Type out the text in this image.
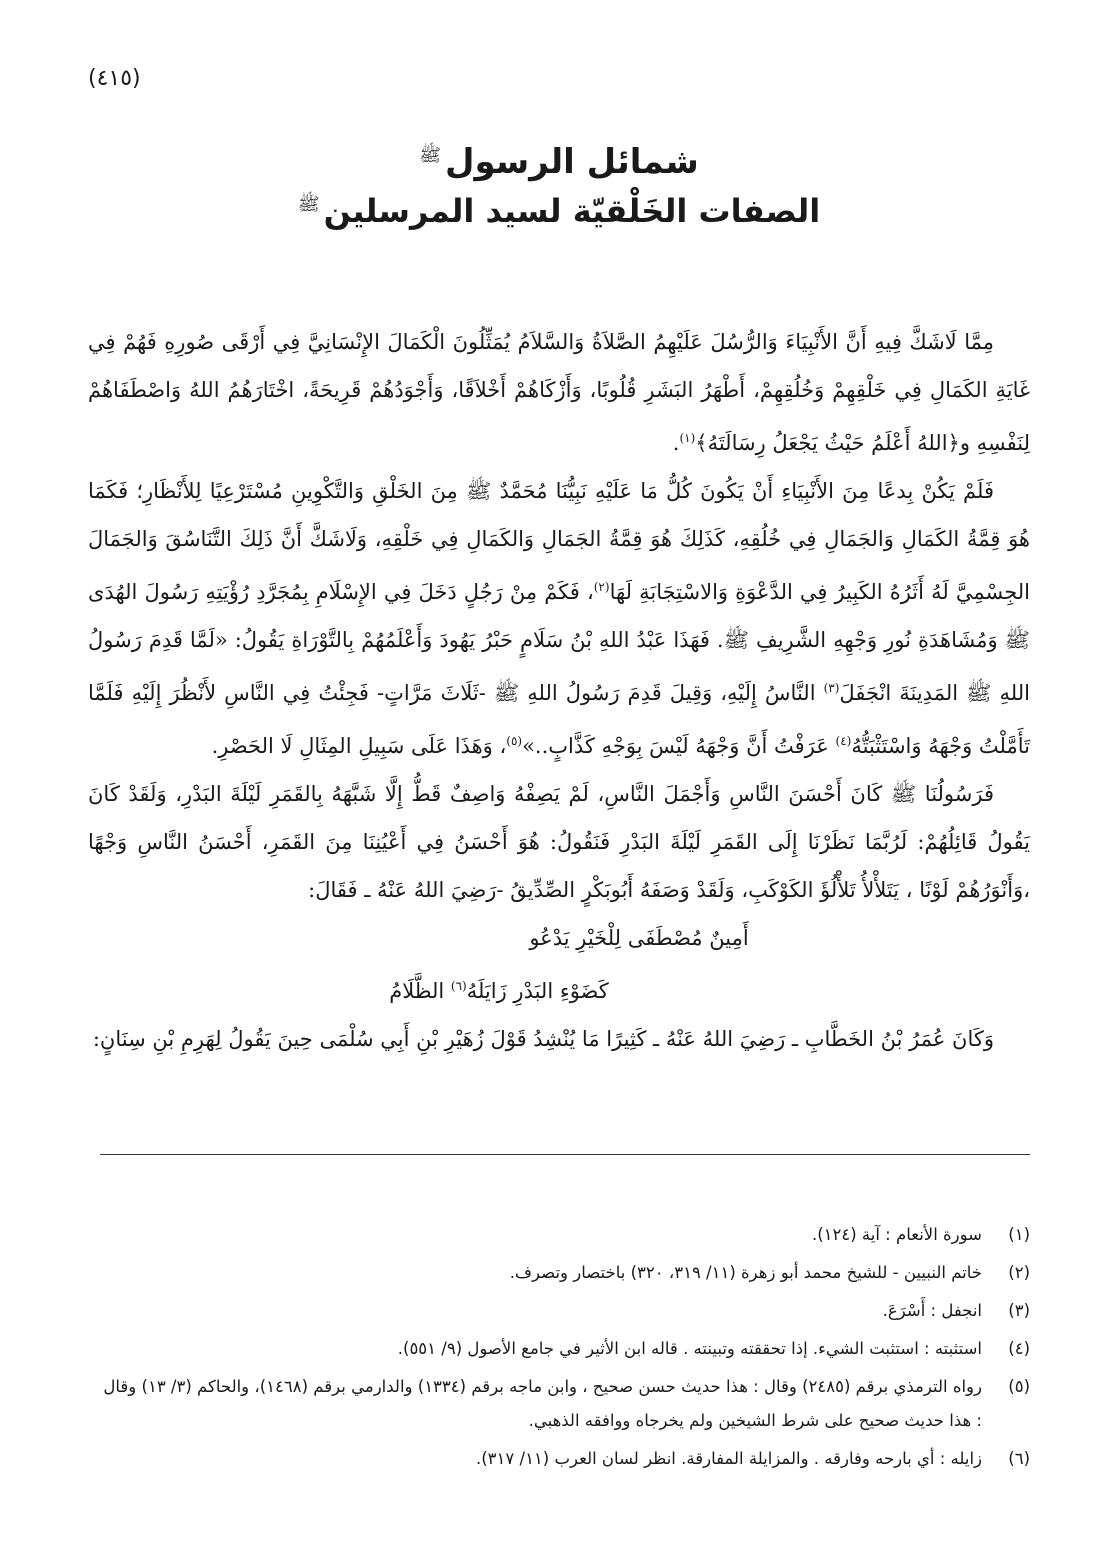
(٤١٥)
شمائل الرسول$^ﷺ$
الصفات الخَلْقيّة لسيد المرسلين$^ﷺ$

مِمَّا لَاشَكَّ فِيهِ أَنَّ الأَنْبِيَاءَ وَالرُّسُلَ عَلَيْهِمُ الصَّلاَةُ وَالسَّلاَمُ يُمَثِّلُونَ الْكَمَالَ الإِنْسَانِيَّ فِي أَرْقَى صُورِهِ فَهُمْ فِي غَايَةِ الكَمَالِ فِي خَلْقِهِمْ وَخُلُقِهِمْ، أَطْهَرُ البَشَرِ قُلُوبًا، وَأَزْكَاهُمْ أَخْلاَقًا، وَأَجْوَدُهُمْ قَرِيحَةً، اخْتَارَهُمُ اللهُ وَاصْطَفَاهُمْ لِنَفْسِهِ و﴿اللهُ أَعْلَمُ حَيْثُ يَجْعَلُ رِسَالَتَهُ﴾$^{(١)}$.

فَلَمْ يَكُنْ بِدعًا مِنَ الأَنْبِيَاءِ أَنْ يَكُونَ كُلُّ مَا عَلَيْهِ نَبِيُّنَا مُحَمَّدٌ ﷺ مِنَ الخَلْقِ وَالتَّكْوِينِ مُسْتَرْعِيًا لِلأَنْظَارِ؛ فَكَمَا هُوَ قِمَّةُ الكَمَالِ وَالجَمَالِ فِي خُلُقِهِ، كَذَلِكَ هُوَ قِمَّةُ الجَمَالِ وَالكَمَالِ فِي خَلْقِهِ، وَلَاشَكَّ أَنَّ ذَلِكَ التَّنَاسُقَ وَالجَمَالَ الجِسْمِيَّ لَهُ أَثَرُهُ الكَبِيرُ فِي الدَّعْوَةِ وَالاسْتِجَابَةِ لَهَا$^{(٢)}$، فَكَمْ مِنْ رَجُلٍ دَخَلَ فِي الإِسْلَامِ بِمُجَرَّدِ رُؤْيَتِهِ رَسُولَ الهُدَى ﷺ وَمُشَاهَدَةِ نُورِ وَجْهِهِ الشَّرِيفِ ﷺ. فَهَذَا عَبْدُ اللهِ بْنُ سَلَامٍ حَبْرُ يَهُودَ وَأَعْلَمُهُمْ بِالتَّوْرَاةِ يَقُولُ: «لَمَّا قَدِمَ رَسُولُ اللهِ ﷺ المَدِينَةَ انْجَفَلَ$^{(٣)}$ النَّاسُ إِلَيْهِ، وَقِيلَ قَدِمَ رَسُولُ اللهِ ﷺ -ثَلَاثَ مَرَّاتٍ- فَجِئْتُ فِي النَّاسِ لأَنْظُرَ إِلَيْهِ فَلَمَّا تَأَمَّلْتُ وَجْهَهُ وَاسْتَثْبَتُّهُ$^{(٤)}$ عَرَفْتُ أَنَّ وَجْهَهُ لَيْسَ بِوَجْهِ كَذَّابٍ..»$^{(٥)}$، وَهَذَا عَلَى سَبِيلِ المِثَالِ لَا الحَصْرِ.

فَرَسُولُنَا ﷺ كَانَ أَحْسَنَ النَّاسِ وَأَجْمَلَ النَّاسِ، لَمْ يَصِفْهُ وَاصِفٌ قَطُّ إِلَّا شَبَّهَهُ بِالقَمَرِ لَيْلَةَ البَدْرِ، وَلَقَدْ كَانَ يَقُولُ قَائِلُهُمْ: لَرُبَّمَا نَظَرْنَا إِلَى القَمَرِ لَيْلَةَ البَدْرِ فَنَقُولُ: هُوَ أَحْسَنُ فِي أَعْيُنِنَا مِنَ القَمَرِ، أَحْسَنُ النَّاسِ وَجْهًا ،وَأَنْوَرُهُمْ لَوْنًا ، يَتَلأْلأُ تَلأْلُؤَ الكَوْكَبِ، وَلَقَدْ وَصَفَهُ أَبُوبَكْرٍ الصِّدِّيقُ -رَضِيَ اللهُ عَنْهُ ـ فَقَالَ:

أَمِينٌ مُصْطَفَى لِلْخَيْرِ يَدْعُو

كَضَوْءِ البَدْرِ زَايَلَهُ$^{(٦)}$ الظَّلَامُ

وَكَانَ عُمَرُ بْنُ الخَطَّابِ ـ رَضِيَ اللهُ عَنْهُ ـ كَثِيرًا مَا يُنْشِدُ قَوْلَ زُهَيْرِ بْنِ أَبِي سُلْمَى حِينَ يَقُولُ لِهَرِمِ بْنِ سِنَانٍ:

(١)
سورة الأنعام : آية (١٢٤).
(٢)
خاتم النبيين - للشيخ محمد أبو زهرة (١١/ ٣١٩، ٣٢٠) باختصار وتصرف.
(٣)
انجفل : أَسْرَعَ.
(٤)
استثبته : استثبت الشيء. إذا تحققته وتبينته . قاله ابن الأثير في جامع الأصول (٩/ ٥٥١).
(٥)
رواه الترمذي برقم (٢٤٨٥) وقال : هذا حديث حسن صحيح ، وابن ماجه برقم (١٣٣٤) والدارمي برقم (١٤٦٨)، والحاكم (٣/ ١٣) وقال : هذا حديث صحيح على شرط الشيخين ولم يخرجاه ووافقه الذهبي.
(٦)
زايله : أي بارحه وفارقه . والمزايلة المفارقة. انظر لسان العرب (١١/ ٣١٧).
